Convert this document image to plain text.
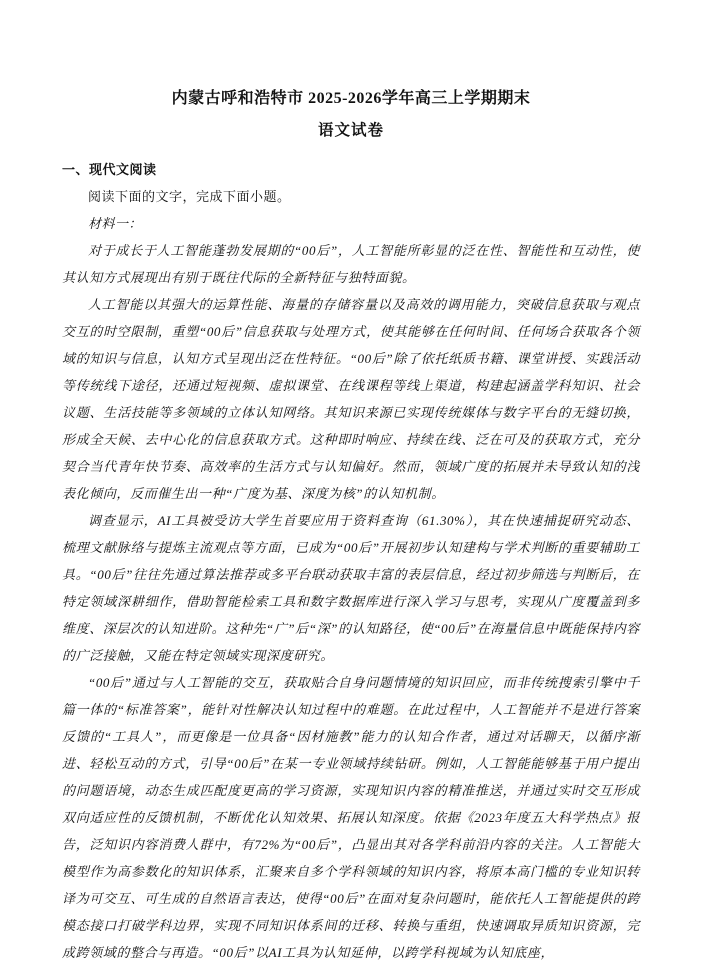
内蒙古呼和浩特市 2025-2026学年高三上学期期末
语文试卷
一、现代文阅读

阅读下面的文字，完成下面小题。

材料一：

对于成长于人工智能蓬勃发展期的“00后”，人工智能所彰显的泛在性、智能性和互动性，使其认知方式展现出有别于既往代际的全新特征与独特面貌。

人工智能以其强大的运算性能、海量的存储容量以及高效的调用能力，突破信息获取与观点交互的时空限制，重塑“00后”信息获取与处理方式，使其能够在任何时间、任何场合获取各个领域的知识与信息，认知方式呈现出泛在性特征。“00后”除了依托纸质书籍、课堂讲授、实践活动等传统线下途径，还通过短视频、虚拟课堂、在线课程等线上渠道，构建起涵盖学科知识、社会议题、生活技能等多领域的立体认知网络。其知识来源已实现传统媒体与数字平台的无缝切换，形成全天候、去中心化的信息获取方式。这种即时响应、持续在线、泛在可及的获取方式，充分契合当代青年快节奏、高效率的生活方式与认知偏好。然而，领域广度的拓展并未导致认知的浅表化倾向，反而催生出一种“广度为基、深度为核”的认知机制。

调查显示，AI工具被受访大学生首要应用于资料查询（61.30%），其在快速捕捉研究动态、梳理文献脉络与提炼主流观点等方面，已成为“00后”开展初步认知建构与学术判断的重要辅助工具。“00后”往往先通过算法推荐或多平台联动获取丰富的表层信息，经过初步筛选与判断后，在特定领域深耕细作，借助智能检索工具和数字数据库进行深入学习与思考，实现从广度覆盖到多维度、深层次的认知进阶。这种先“广”后“深”的认知路径，使“00后”在海量信息中既能保持内容的广泛接触，又能在特定领域实现深度研究。

“00后”通过与人工智能的交互，获取贴合自身问题情境的知识回应，而非传统搜索引擎中千篇一体的“标准答案”，能针对性解决认知过程中的难题。在此过程中，人工智能并不是进行答案反馈的“工具人”，而更像是一位具备“因材施教”能力的认知合作者，通过对话聊天，以循序渐进、轻松互动的方式，引导“00后”在某一专业领域持续钻研。例如，人工智能能够基于用户提出的问题语境，动态生成匹配度更高的学习资源，实现知识内容的精准推送，并通过实时交互形成双向适应性的反馈机制，不断优化认知效果、拓展认知深度。依据《2023年度五大科学热点》报告，泛知识内容消费人群中，有72%为“00后”，凸显出其对各学科前沿内容的关注。人工智能大模型作为高参数化的知识体系，汇聚来自多个学科领域的知识内容，将原本高门槛的专业知识转译为可交互、可生成的自然语言表达，使得“00后”在面对复杂问题时，能依托人工智能提供的跨模态接口打破学科边界，实现不同知识体系间的迁移、转换与重组，快速调取异质知识资源，完成跨领域的整合与再造。“00后”以AI工具为认知延伸，以跨学科视域为认知底座，
